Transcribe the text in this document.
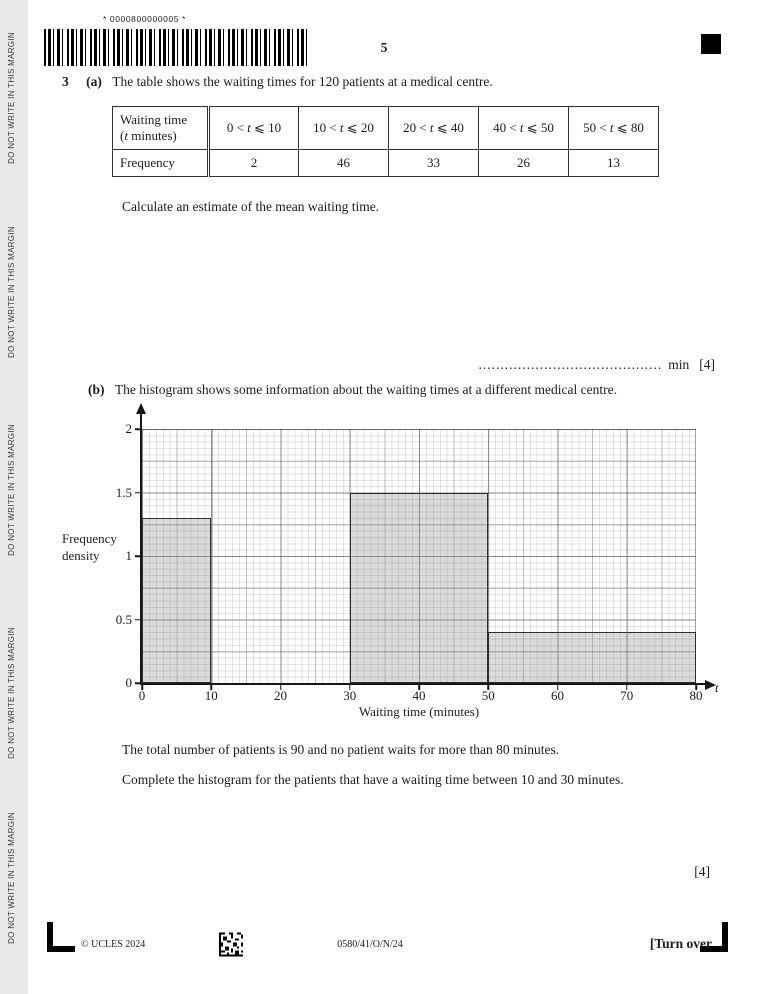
DO NOT WRITE IN THIS MARGIN
DO NOT WRITE IN THIS MARGIN
DO NOT WRITE IN THIS MARGIN
DO NOT WRITE IN THIS MARGIN
DO NOT WRITE IN THIS MARGIN
* 0000800000005 *
5
3 (a) The table shows the waiting times for 120 patients at a medical centre.
Waiting time
(t minutes)	0 < t ⩽ 10	10 < t ⩽ 20	20 < t ⩽ 40	40 < t ⩽ 50	50 < t ⩽ 80
Frequency	2	46	33	26	13
Calculate an estimate of the mean waiting time.
.......................................... min [4]
(b) The histogram shows some information about the waiting times at a different medical centre.
Frequency density
t
Waiting time (minutes)
0	10	20	30	40	50	60	70	80
0
0.5
1
1.5
2
The total number of patients is 90 and no patient waits for more than 80 minutes.
Complete the histogram for the patients that have a waiting time between 10 and 30 minutes.
[4]
© UCLES 2024	0580/41/O/N/24	[Turn over
